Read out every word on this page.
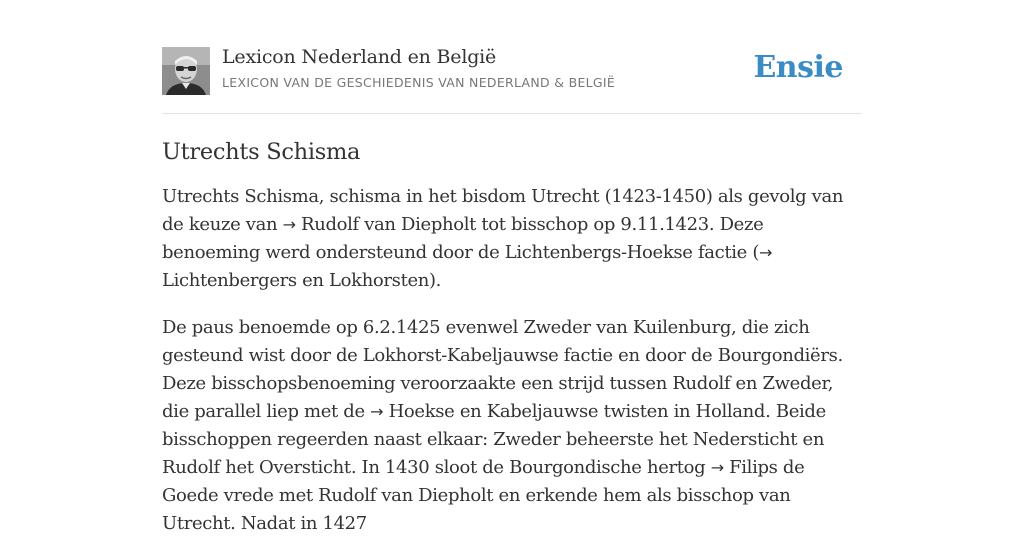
Lexicon Nederland en België
LEXICON VAN DE GESCHIEDENIS VAN NEDERLAND & BELGIË	Ensie
Utrechts Schisma

Utrechts Schisma, schisma in het bisdom Utrecht (1423-1450) als gevolg van de keuze van → Rudolf van Diepholt tot bisschop op 9.11.1423. Deze benoeming werd ondersteund door de Lichtenbergs-Hoekse factie (→ Lichtenbergers en Lokhorsten).

De paus benoemde op 6.2.1425 evenwel Zweder van Kuilenburg, die zich gesteund wist door de Lokhorst-Kabeljauwse factie en door de Bourgondiërs. Deze bisschopsbenoeming veroorzaakte een strijd tussen Rudolf en Zweder, die parallel liep met de → Hoekse en Kabeljauwse twisten in Holland. Beide bisschoppen regeerden naast elkaar: Zweder beheerste het Nedersticht en Rudolf het Oversticht. In 1430 sloot de Bourgondische hertog → Filips de Goede vrede met Rudolf van Diepholt en erkende hem als bisschop van Utrecht. Nadat in 1427
